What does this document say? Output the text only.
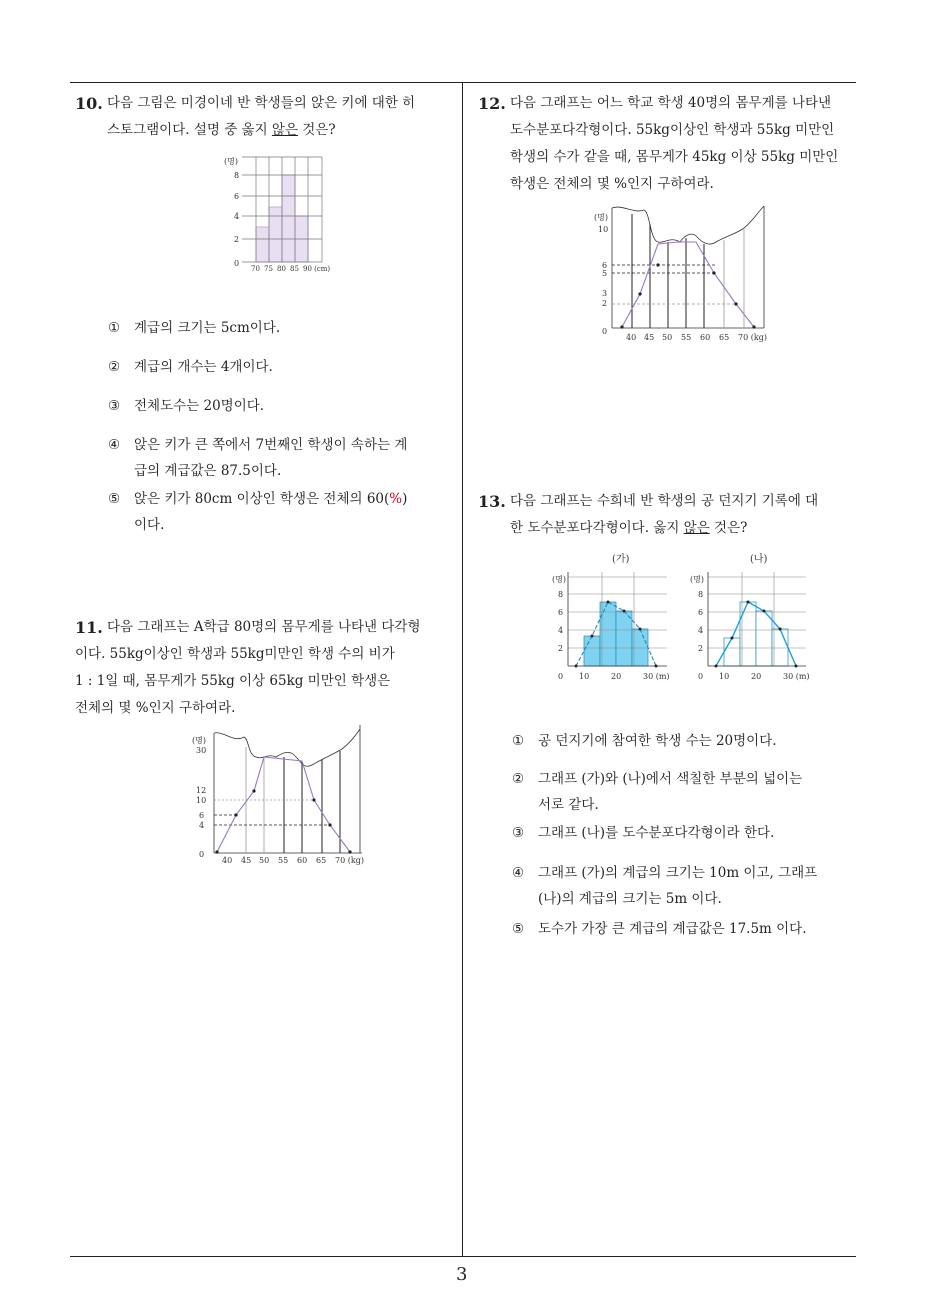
3
10. 다음 그림은 미경이네 반 학생들의 앉은 키에 대한 히
스토그램이다. 설명 중 옳지 않은 것은?
(명)
8
6
4
2
0
70 75 80 85 90 (cm)
① 계급의 크기는 5cm이다.
② 계급의 개수는 4개이다.
③ 전체도수는 20명이다.
④ 앉은 키가 큰 쪽에서 7번째인 학생이 속하는 계
급의 계급값은 87.5이다.
⑤ 앉은 키가 80cm 이상인 학생은 전체의 60(%)
이다.
11. 다음 그래프는 A학급 80명의 몸무게를 나타낸 다각형
이다. 55kg이상인 학생과 55kg미만인 학생 수의 비가
1 : 1일 때, 몸무게가 55kg 이상 65kg 미만인 학생은
전체의 몇 %인지 구하여라.
(명)
30
12
10
6
4
0
40 45 50 55 60 65 70 (kg)
12. 다음 그래프는 어느 학교 학생 40명의 몸무게를 나타낸
도수분포다각형이다. 55kg이상인 학생과 55kg 미만인
학생의 수가 같을 때, 몸무게가 45kg 이상 55kg 미만인
학생은 전체의 몇 %인지 구하여라.
(명)
10
6
5
3
2
0
40 45 50 55 60 65 70 (kg)
13. 다음 그래프는 수희네 반 학생의 공 던지기 기록에 대
한 도수분포다각형이다. 옳지 않은 것은?
(가)
(명)
8
6
4
2
0 10	20	30 (m)
(나)
(명)
8
6
4
2
0 10	20	30 (m)
① 공 던지기에 참여한 학생 수는 20명이다.
② 그래프 (가)와 (나)에서 색칠한 부분의 넓이는
서로 같다.
③ 그래프 (나)를 도수분포다각형이라 한다.
④ 그래프 (가)의 계급의 크기는 10m 이고, 그래프
(나)의 계급의 크기는 5m 이다.
⑤ 도수가 가장 큰 계급의 계급값은 17.5m 이다.
